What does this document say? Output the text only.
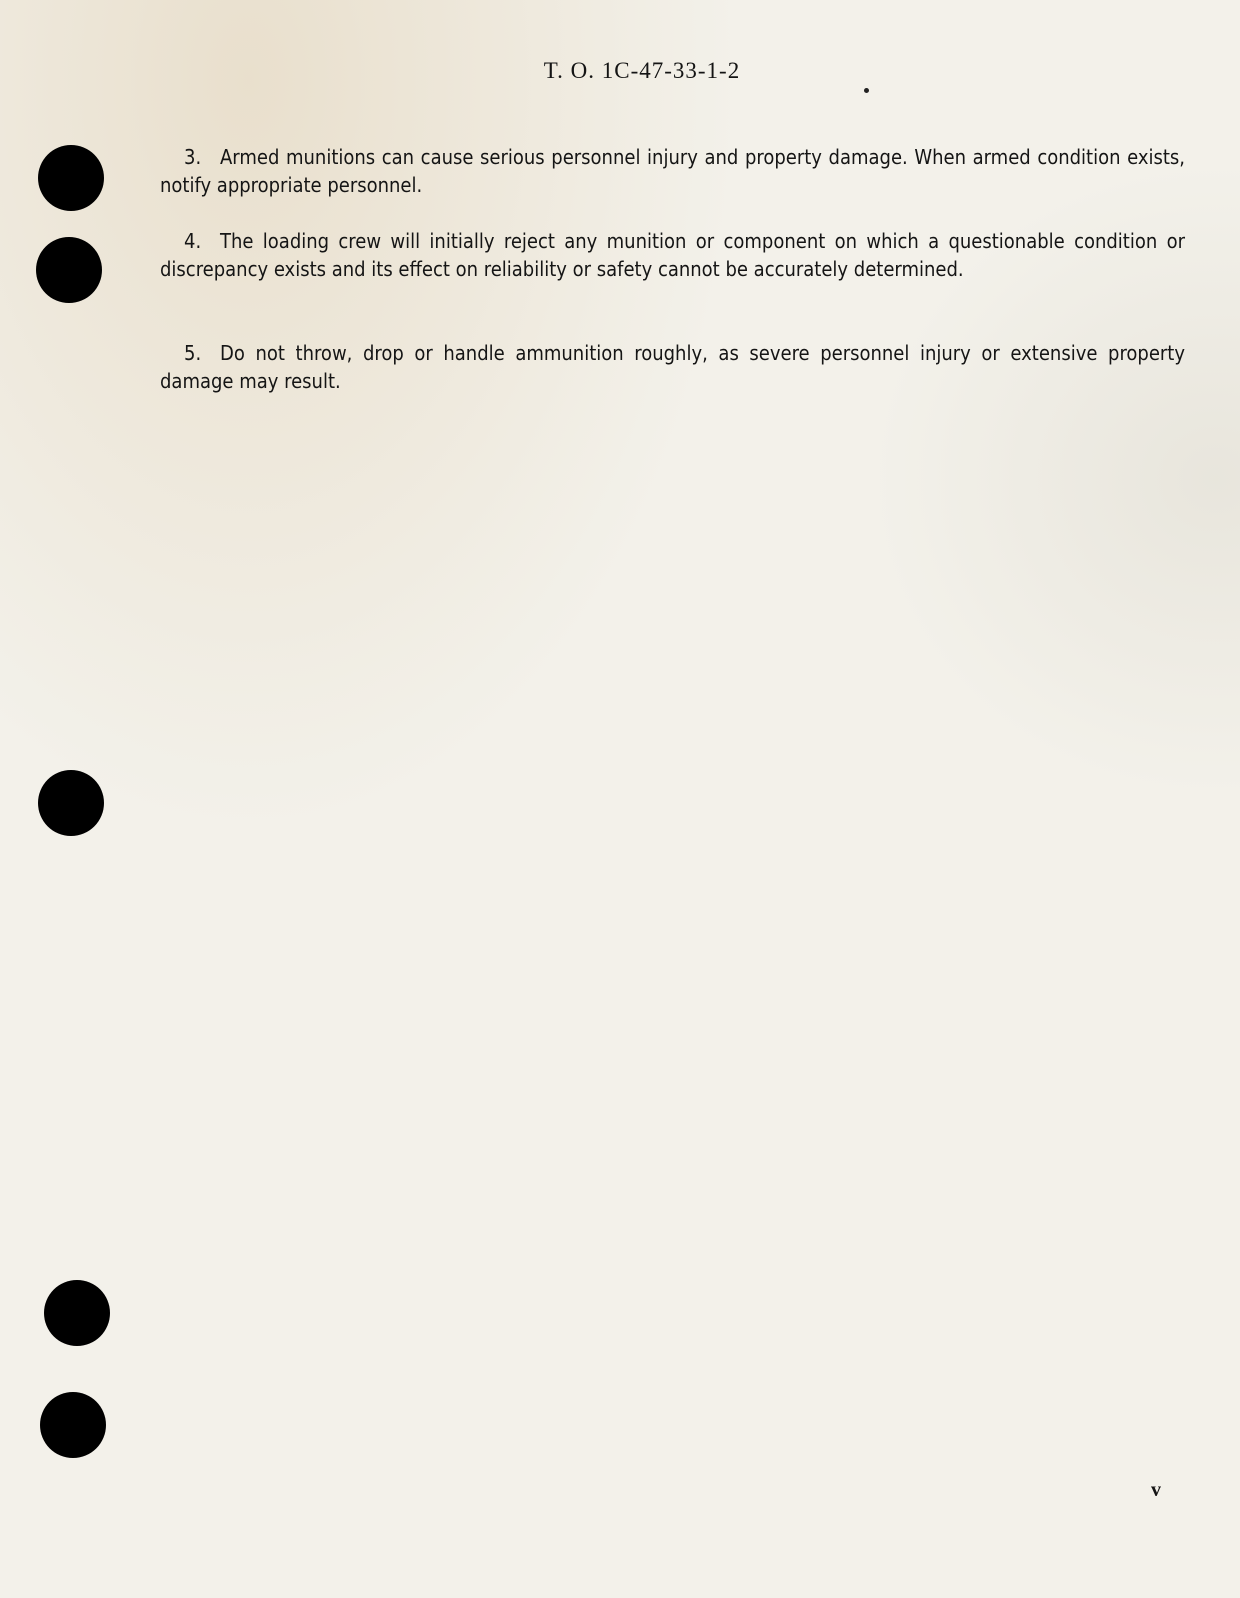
T. O. 1C-47-33-1-2
3. Armed munitions can cause serious personnel injury and property damage. When armed condition exists, notify appropriate personnel.
4. The loading crew will initially reject any munition or component on which a questionable condition or discrepancy exists and its effect on reliability or safety cannot be accurately determined.
5. Do not throw, drop or handle ammunition roughly, as severe personnel injury or extensive property damage may result.
v
